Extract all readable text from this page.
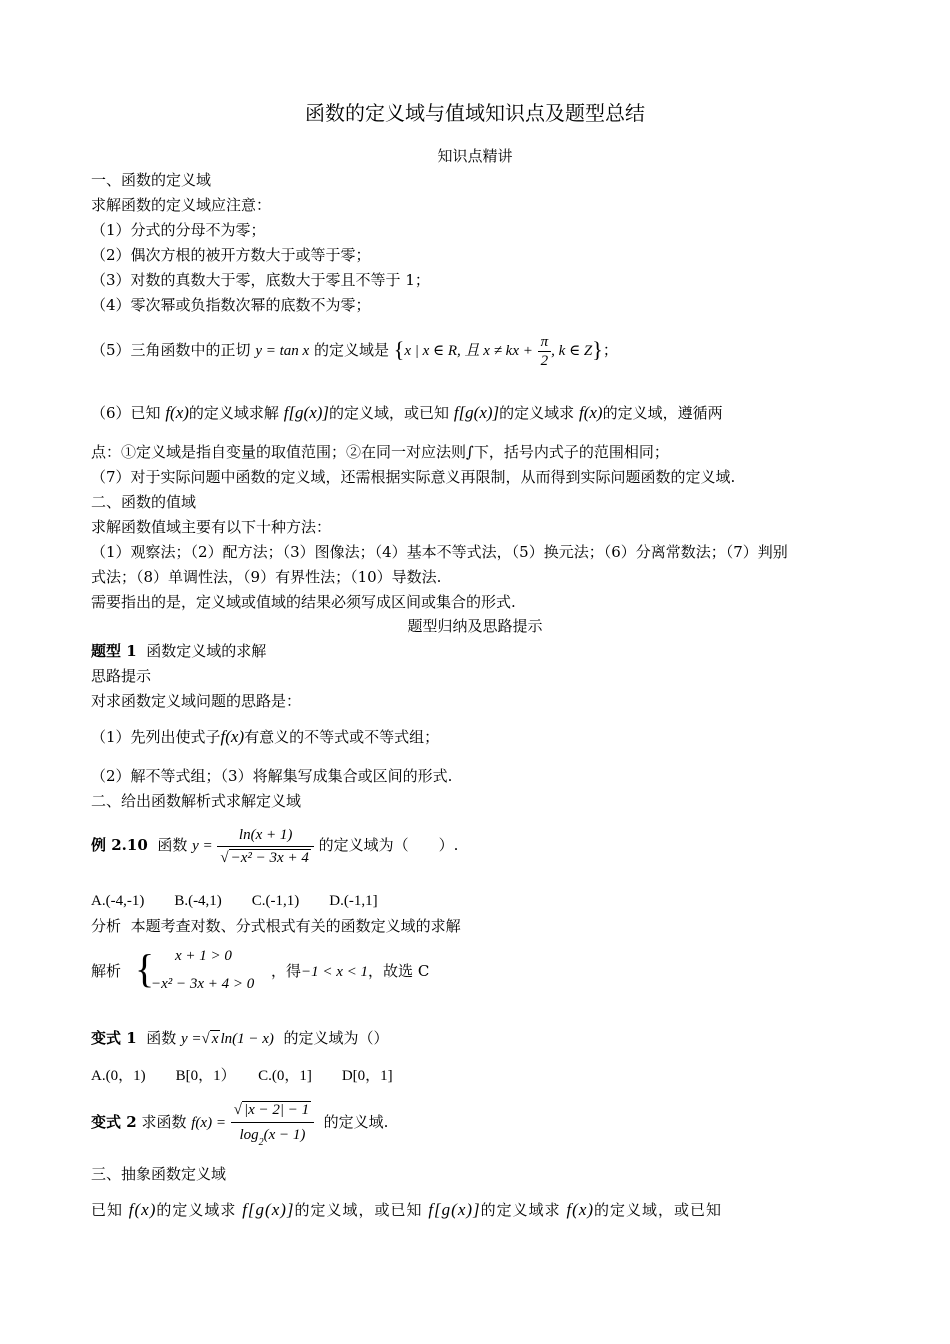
函数的定义域与值域知识点及题型总结
知识点精讲
一、函数的定义域
求解函数的定义域应注意：
（1）分式的分母不为零；
（2）偶次方根的被开方数大于或等于零；
（3）对数的真数大于零，底数大于零且不等于 1；
（4）零次幂或负指数次幂的底数不为零；
（5）三角函数中的正切 y = tan x 的定义域是 {x | x ∈ R, 且 x ≠ kx + $\frac{\pi}{2}$ , k ∈ Z}；
（6）已知 f(x)的定义域求解 f[g(x)]的定义域，或已知 f[g(x)]的定义域求 f(x)的定义域，遵循两
点：①定义域是指自变量的取值范围；②在同一对应法则∫下，括号内式子的范围相同；
（7）对于实际问题中函数的定义域，还需根据实际意义再限制，从而得到实际问题函数的定义域.
二、函数的值域
求解函数值域主要有以下十种方法：
（1）观察法；（2）配方法；（3）图像法；（4）基本不等式法，（5）换元法；（6）分离常数法；（7）判别
式法；（8）单调性法，（9）有界性法；（10）导数法.
需要指出的是，定义域或值域的结果必须写成区间或集合的形式.
题型归纳及思路提示
题型 1 函数定义域的求解
思路提示
对求函数定义域问题的思路是：
（1）先列出使式子f(x)有意义的不等式或不等式组；
（2）解不等式组；（3）将解集写成集合或区间的形式.
二、给出函数解析式求解定义域
例 2.10 函数 $y = \frac{\ln(x + 1)}{\text{√ −x² − 3x + 4}}$ 的定义域为（　　）.
A.(-4,-1)　　B.(-4,1)　　C.(-1,1)　　D.(-1,1]
分析 本题考查对数、分式根式有关的函数定义域的求解
解析 { x + 1 > 0
−x² − 3x + 4 > 0
，得−1 < x < 1，故选 C
变式 1 函数 y =√ x ln(1 − x) 的定义域为（）
A.(0，1)　　B[0，1）　　C.(0，1]　　D[0，1]
变式 2 求函数 $f(x) = \frac{√ |x - 2| - 1}{\log_2(x - 1)}$ 的定义域.
三、抽象函数定义域
已知 f(x)的定义域求 f[g(x)]的定义域，或已知 f[g(x)]的定义域求 f(x)的定义域，或已知
